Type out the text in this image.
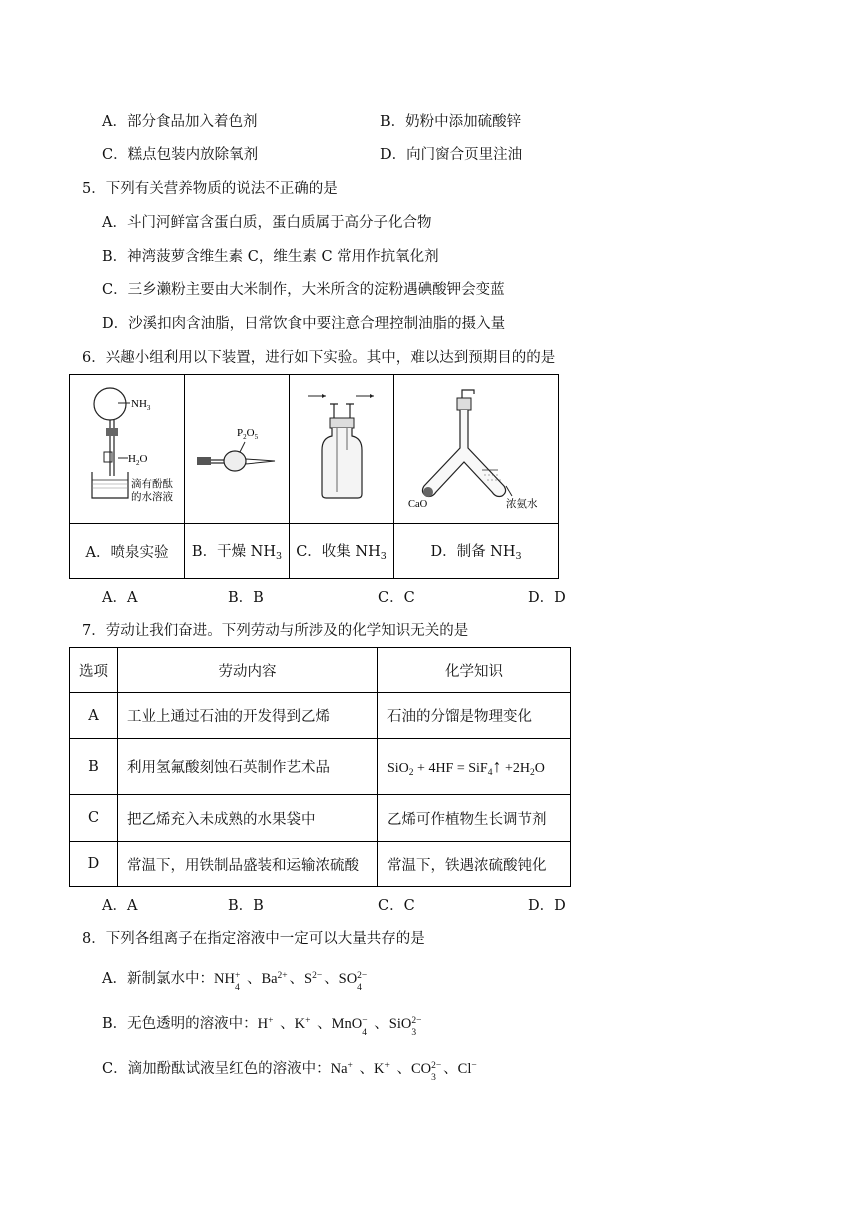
A．部分食品加入着色剂	B．奶粉中添加硫酸锌
C．糕点包装内放除氧剂	D．向门窗合页里注油
5．下列有关营养物质的说法不正确的是
A．斗门河鲜富含蛋白质，蛋白质属于高分子化合物
B．神湾菠萝含维生素 C，维生素 C 常用作抗氧化剂
C．三乡濑粉主要由大米制作，大米所含的淀粉遇碘酸钾会变蓝
D．沙溪扣肉含油脂，日常饮食中要注意合理控制油脂的摄入量
6．兴趣小组利用以下装置，进行如下实验。其中，难以达到预期目的的是
$NH_3$
$H_2O$
滴有酚酞
的水溶液	$P_2O_5$		CaO 浓氨水

A．喷泉实验	B．干燥 $NH_3$	C．收集 $NH_3$	D．制备 $NH_3$
A．A	B．B	C．C	D．D
7．劳动让我们奋进。下列劳动与所涉及的化学知识无关的是
选项	劳动内容	化学知识
A	工业上通过石油的开发得到乙烯	石油的分馏是物理变化
B	利用氢氟酸刻蚀石英制作艺术品	SiO$_2$ + 4HF = SiF$_4$↑ $+2H_2O$
C	把乙烯充入未成熟的水果袋中	乙烯可作植物生长调节剂
D	常温下，用铁制品盛装和运输浓硫酸	常温下，铁遇浓硫酸钝化
A．A	B．B	C．C	D．D
8．下列各组离子在指定溶液中一定可以大量共存的是
A．新制氯水中：NH +
4
、Ba 2+ 、S 2− 、SO 2−
4
B．无色透明的溶液中：H + 、K + 、MnO −
4
、SiO 2−
3
C．滴加酚酞试液呈红色的溶液中：Na + 、K + 、CO 2−
3
、Cl −
